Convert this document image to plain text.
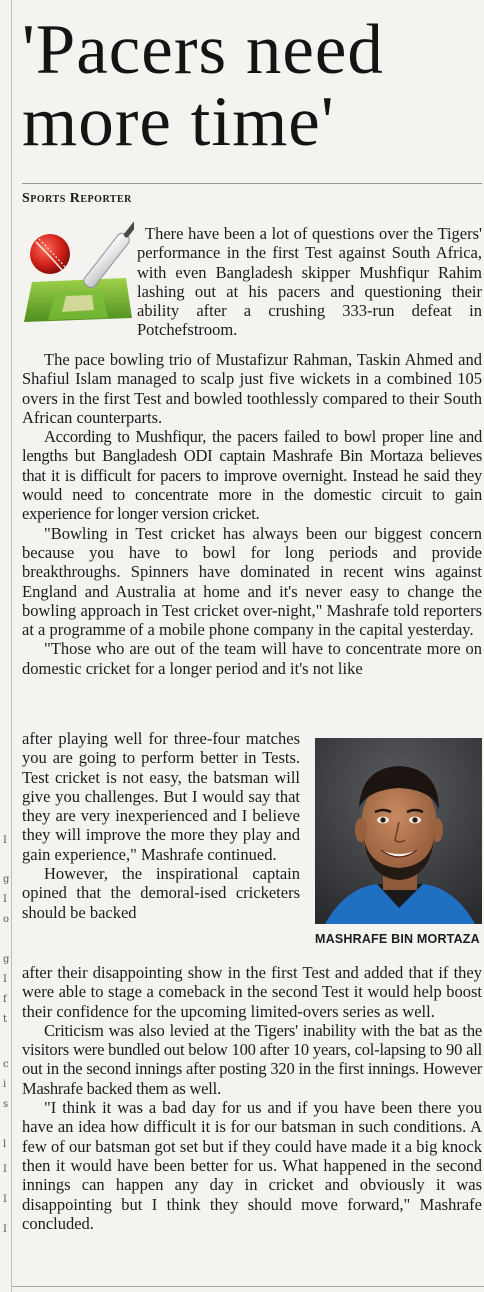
I
g
I
o
g
I
f
t
c
i
s
l
I
I
I
'Pacers need
more time'
Sports Reporter

There have been a lot of questions over the Tigers' performance in the first Test against South Africa, with even Bangladesh skipper Mushfiqur Rahim lashing out at his pacers and questioning their ability after a crushing 333-run defeat in Potchefstroom.

The pace bowling trio of Mustafizur Rahman, Taskin Ahmed and Shafiul Islam managed to scalp just five wickets in a combined 105 overs in the first Test and bowled toothlessly compared to their South African counterparts.

According to Mushfiqur, the pacers failed to bowl proper line and lengths but Bangladesh ODI captain Mashrafe Bin Mortaza believes that it is difficult for pacers to improve overnight. Instead he said they would need to concentrate more in the domestic circuit to gain experience for longer version cricket.

"Bowling in Test cricket has always been our biggest concern because you have to bowl for long periods and provide breakthroughs. Spinners have dominated in recent wins against England and Australia at home and it's never easy to change the bowling approach in Test cricket over-night," Mashrafe told reporters at a programme of a mobile phone company in the capital yesterday.

"Those who are out of the team will have to concentrate more on domestic cricket for a longer period and it's not like

after playing well for three-four matches you are going to perform better in Tests. Test cricket is not easy, the batsman will give you challenges. But I would say that they are very inexperienced and I believe they will improve the more they play and gain experience," Mashrafe continued.

However, the inspirational captain opined that the demoral-ised cricketers should be backed

MASHRAFE BIN MORTAZA

after their disappointing show in the first Test and added that if they were able to stage a comeback in the second Test it would help boost their confidence for the upcoming limited-overs series as well.

Criticism was also levied at the Tigers' inability with the bat as the visitors were bundled out below 100 after 10 years, col-lapsing to 90 all out in the second innings after posting 320 in the first innings. However Mashrafe backed them as well.

"I think it was a bad day for us and if you have been there you have an idea how difficult it is for our batsman in such conditions. A few of our batsman got set but if they could have made it a big knock then it would have been better for us. What happened in the second innings can happen any day in cricket and obviously it was disappointing but I think they should move forward," Mashrafe concluded.
